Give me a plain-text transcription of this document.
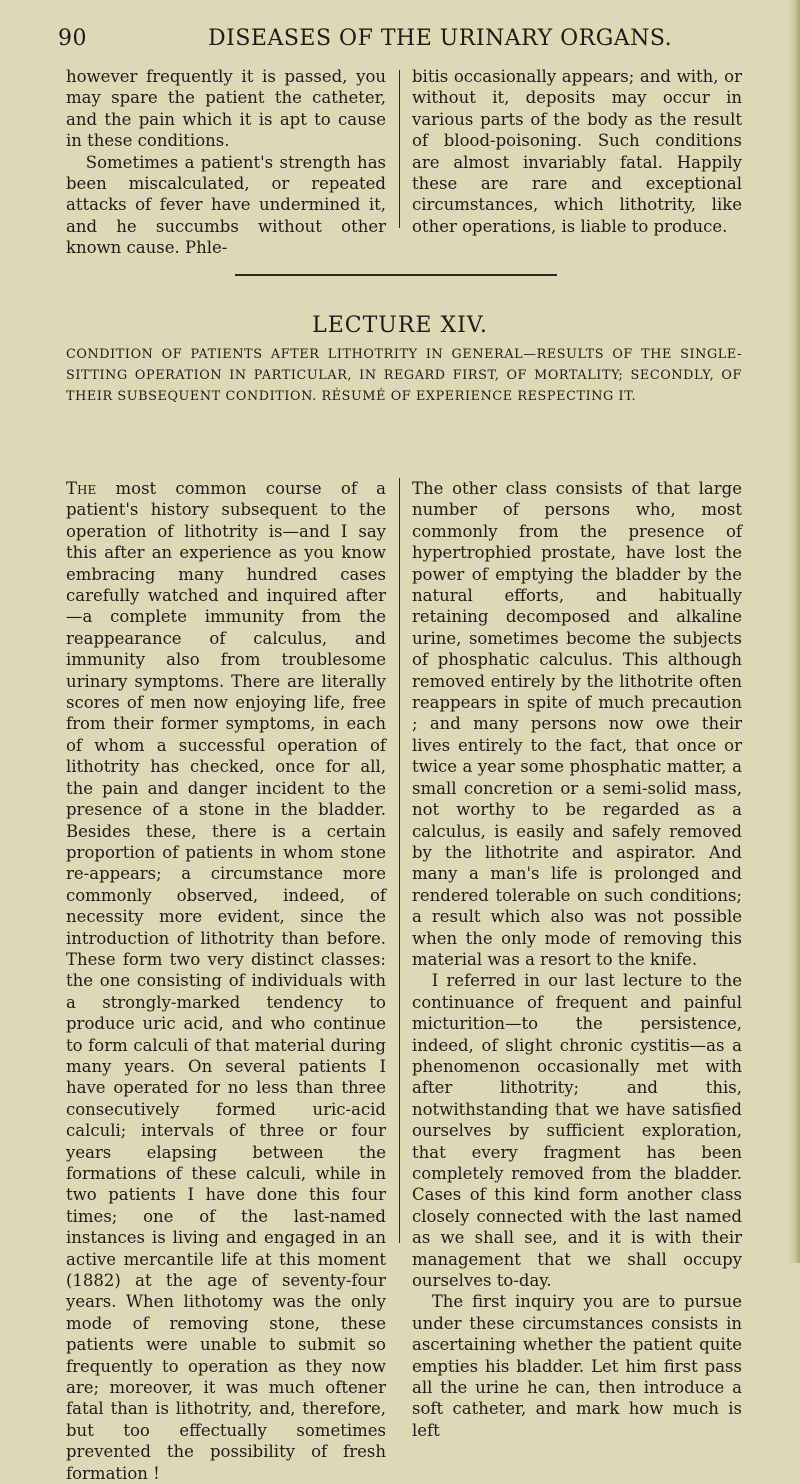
90	DISEASES OF THE URINARY ORGANS.

however frequently it is passed, you may spare the patient the catheter, and the pain which it is apt to cause in these conditions.

Sometimes a patient's strength has been miscalculated, or repeated attacks of fever have undermined it, and he succumbs without other known cause. Phle-

bitis occasionally appears; and with, or without it, deposits may occur in various parts of the body as the result of blood-poisoning. Such conditions are almost invariably fatal. Happily these are rare and exceptional circumstances, which lithotrity, like other operations, is liable to produce.

LECTURE XIV.
CONDITION OF PATIENTS AFTER LITHOTRITY IN GENERAL—RESULTS OF THE SINGLE-SITTING OPERATION IN PARTICULAR, IN REGARD FIRST, OF MORTALITY; SECONDLY, OF THEIR SUBSEQUENT CONDITION. RÉSUMÉ OF EXPERIENCE RESPECTING IT.

The most common course of a patient's history subsequent to the operation of lithotrity is—and I say this after an experience as you know embracing many hundred cases carefully watched and inquired after—a complete immunity from the reappearance of calculus, and immunity also from troublesome urinary symptoms. There are literally scores of men now enjoying life, free from their former symptoms, in each of whom a successful operation of lithotrity has checked, once for all, the pain and danger incident to the presence of a stone in the bladder. Besides these, there is a certain proportion of patients in whom stone re-appears; a circumstance more commonly observed, indeed, of necessity more evident, since the introduction of lithotrity than before. These form two very distinct classes: the one consisting of individuals with a strongly-marked tendency to produce uric acid, and who continue to form calculi of that material during many years. On several patients I have operated for no less than three consecutively formed uric-acid calculi; intervals of three or four years elapsing between the formations of these calculi, while in two patients I have done this four times; one of the last-named instances is living and engaged in an active mercantile life at this moment (1882) at the age of seventy-four years. When lithotomy was the only mode of removing stone, these patients were unable to submit so frequently to operation as they now are; moreover, it was much oftener fatal than is lithotrity, and, therefore, but too effectually sometimes prevented the possibility of fresh formation !

The other class consists of that large number of persons who, most commonly from the presence of hypertrophied prostate, have lost the power of emptying the bladder by the natural efforts, and habitually retaining decomposed and alkaline urine, sometimes become the subjects of phosphatic calculus. This although removed entirely by the lithotrite often reappears in spite of much precaution ; and many persons now owe their lives entirely to the fact, that once or twice a year some phosphatic matter, a small concretion or a semi-solid mass, not worthy to be regarded as a calculus, is easily and safely removed by the lithotrite and aspirator. And many a man's life is prolonged and rendered tolerable on such conditions; a result which also was not possible when the only mode of removing this material was a resort to the knife.

I referred in our last lecture to the continuance of frequent and painful micturition—to the persistence, indeed, of slight chronic cystitis—as a phenomenon occasionally met with after lithotrity; and this, notwithstanding that we have satisfied ourselves by sufficient exploration, that every fragment has been completely removed from the bladder. Cases of this kind form another class closely connected with the last named as we shall see, and it is with their management that we shall occupy ourselves to-day.

The first inquiry you are to pursue under these circumstances consists in ascertaining whether the patient quite empties his bladder. Let him first pass all the urine he can, then introduce a soft catheter, and mark how much is left
